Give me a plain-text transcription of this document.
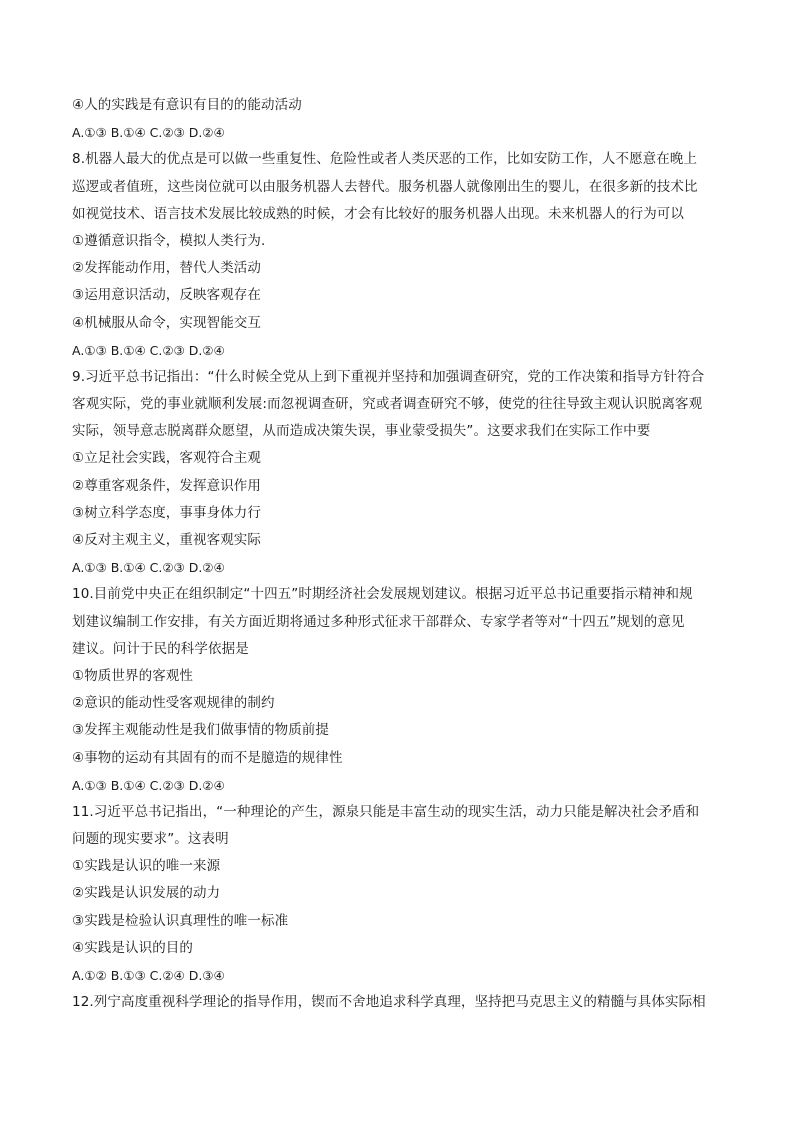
④人的实践是有意识有目的的能动活动
A.①③ B.①④ C.②③ D.②④
8.机器人最大的优点是可以做一些重复性、危险性或者人类厌恶的工作，比如安防工作，人不愿意在晚上
巡逻或者值班，这些岗位就可以由服务机器人去替代。服务机器人就像刚出生的婴儿，在很多新的技术比
如视觉技术、语言技术发展比较成熟的时候，才会有比较好的服务机器人出现。未来机器人的行为可以
①遵循意识指令，模拟人类行为.
②发挥能动作用，替代人类活动
③运用意识活动，反映客观存在
④机械服从命令，实现智能交互
A.①③ B.①④ C.②③ D.②④
9.习近平总书记指出：“什么时候全党从上到下重视并坚持和加强调查研究，党的工作决策和指导方针符合
客观实际，党的事业就顺利发展:而忽视调查研，究或者调查研究不够，使党的往往导致主观认识脱离客观
实际，领导意志脱离群众愿望，从而造成决策失误，事业蒙受损失”。这要求我们在实际工作中要
①立足社会实践，客观符合主观
②尊重客观条件，发挥意识作用
③树立科学态度，事事身体力行
④反对主观主义，重视客观实际
A.①③ B.①④ C.②③ D.②④
10.目前党中央正在组织制定“十四五”时期经济社会发展规划建议。根据习近平总书记重要指示精神和规
划建议编制工作安排，有关方面近期将通过多种形式征求干部群众、专家学者等对“十四五”规划的意见
建议。问计于民的科学依据是
①物质世界的客观性
②意识的能动性受客观规律的制约
③发挥主观能动性是我们做事情的物质前提
④事物的运动有其固有的而不是臆造的规律性
A.①③ B.①④ C.②③ D.②④
11.习近平总书记指出，“一种理论的产生，源泉只能是丰富生动的现实生活，动力只能是解决社会矛盾和
问题的现实要求”。这表明
①实践是认识的唯一来源
②实践是认识发展的动力
③实践是检验认识真理性的唯一标准
④实践是认识的目的
A.①② B.①③ C.②④ D.③④
12.列宁高度重视科学理论的指导作用，锲而不舍地追求科学真理，坚持把马克思主义的精髓与具体实际相
